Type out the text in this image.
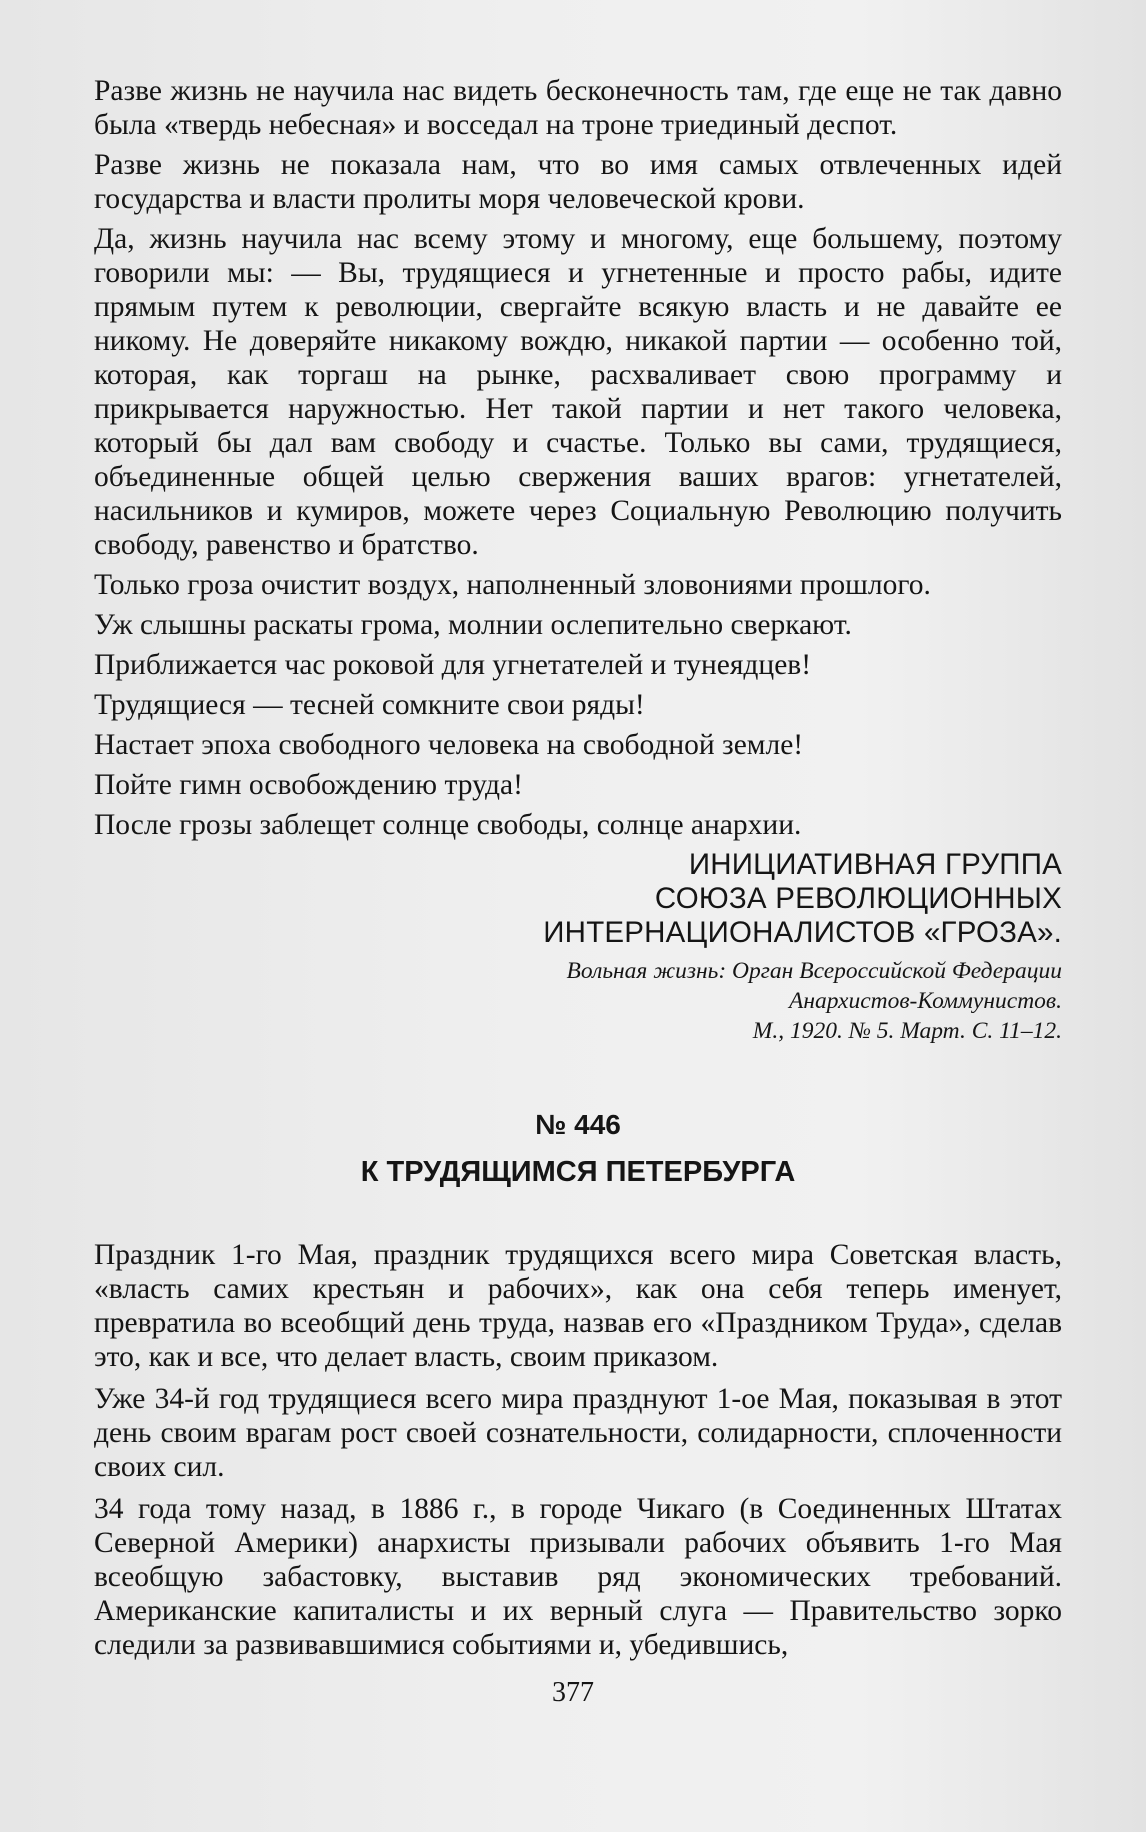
Разве жизнь не научила нас видеть бесконечность там, где еще не так давно была «твердь небесная» и восседал на троне триединый деспот.

Разве жизнь не показала нам, что во имя самых отвлеченных идей государства и власти пролиты моря человеческой крови.

Да, жизнь научила нас всему этому и многому, еще большему, поэтому говорили мы: — Вы, трудящиеся и угнетенные и просто рабы, идите прямым путем к революции, свергайте всякую власть и не давайте ее никому. Не доверяйте никакому вождю, никакой партии — особенно той, которая, как торгаш на рынке, расхваливает свою программу и прикрывается наружностью. Нет такой партии и нет такого человека, который бы дал вам свободу и счастье. Только вы сами, трудящиеся, объединенные общей целью свержения ваших врагов: угнетателей, насильников и кумиров, можете через Социальную Революцию получить свободу, равенство и братство.

Только гроза очистит воздух, наполненный зловониями прошлого.

Уж слышны раскаты грома, молнии ослепительно сверкают.

Приближается час роковой для угнетателей и тунеядцев!

Трудящиеся — тесней сомкните свои ряды!

Настает эпоха свободного человека на свободной земле!

Пойте гимн освобождению труда!

После грозы заблещет солнце свободы, солнце анархии.

ИНИЦИАТИВНАЯ ГРУППА
СОЮЗА РЕВОЛЮЦИОННЫХ
ИНТЕРНАЦИОНАЛИСТОВ «ГРОЗА».
Вольная жизнь: Орган Всероссийской Федерации
Анархистов-Коммунистов.
М., 1920. № 5. Март. С. 11–12.
№ 446
К ТРУДЯЩИМСЯ ПЕТЕРБУРГА

Праздник 1-го Мая, праздник трудящихся всего мира Советская власть, «власть самих крестьян и рабочих», как она себя теперь именует, превратила во всеобщий день труда, назвав его «Праздником Труда», сделав это, как и все, что делает власть, своим приказом.

Уже 34-й год трудящиеся всего мира празднуют 1-ое Мая, показывая в этот день своим врагам рост своей сознательности, солидарности, сплоченности своих сил.

34 года тому назад, в 1886 г., в городе Чикаго (в Соединенных Штатах Северной Америки) анархисты призывали рабочих объявить 1-го Мая всеобщую забастовку, выставив ряд экономических требований. Американские капиталисты и их верный слуга — Правительство зорко следили за развивавшимися событиями и, убедившись,

377
